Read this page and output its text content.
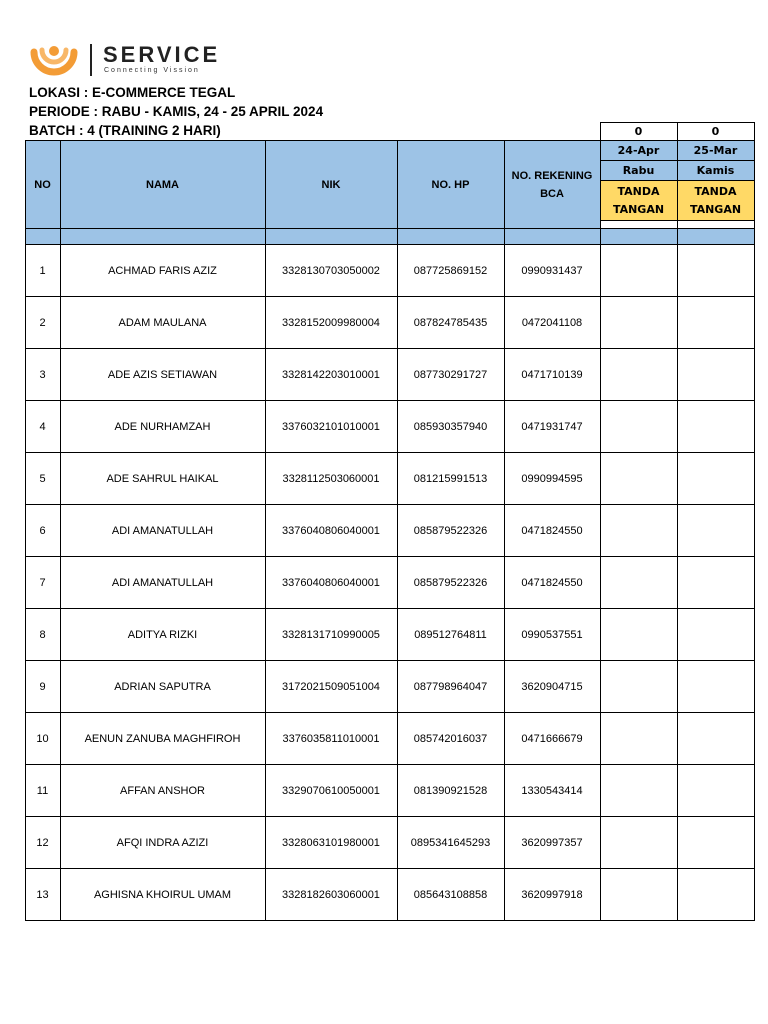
SERVICE
Connecting Vission
LOKASI : E-COMMERCE TEGAL
PERIODE : RABU - KAMIS, 24 - 25 APRIL 2024
BATCH : 4 (TRAINING 2 HARI)
							0	0
	NO	NAMA	NIK	NO. HP	NO. REKENING BCA	24-Apr	25-Mar
						Rabu	Kamis
						TANDA TANGAN	TANDA TANGAN

	1	ACHMAD FARIS AZIZ	3328130703050002	087725869152	0990931437		
	2	ADAM MAULANA	3328152009980004	087824785435	0472041108		
	3	ADE AZIS SETIAWAN	3328142203010001	087730291727	0471710139		
	4	ADE NURHAMZAH	3376032101010001	085930357940	0471931747		
	5	ADE SAHRUL HAIKAL	3328112503060001	081215991513	0990994595		
	6	ADI AMANATULLAH	3376040806040001	085879522326	0471824550		
	7	ADI AMANATULLAH	3376040806040001	085879522326	0471824550		
	8	ADITYA RIZKI	3328131710990005	089512764811	0990537551		
	9	ADRIAN SAPUTRA	3172021509051004	087798964047	3620904715		
	10	AENUN ZANUBA MAGHFIROH	3376035811010001	085742016037	0471666679		
	11	AFFAN ANSHOR	3329070610050001	081390921528	1330543414		
	12	AFQI INDRA AZIZI	3328063101980001	0895341645293	3620997357		
	13	AGHISNA KHOIRUL UMAM	3328182603060001	085643108858	3620997918		
